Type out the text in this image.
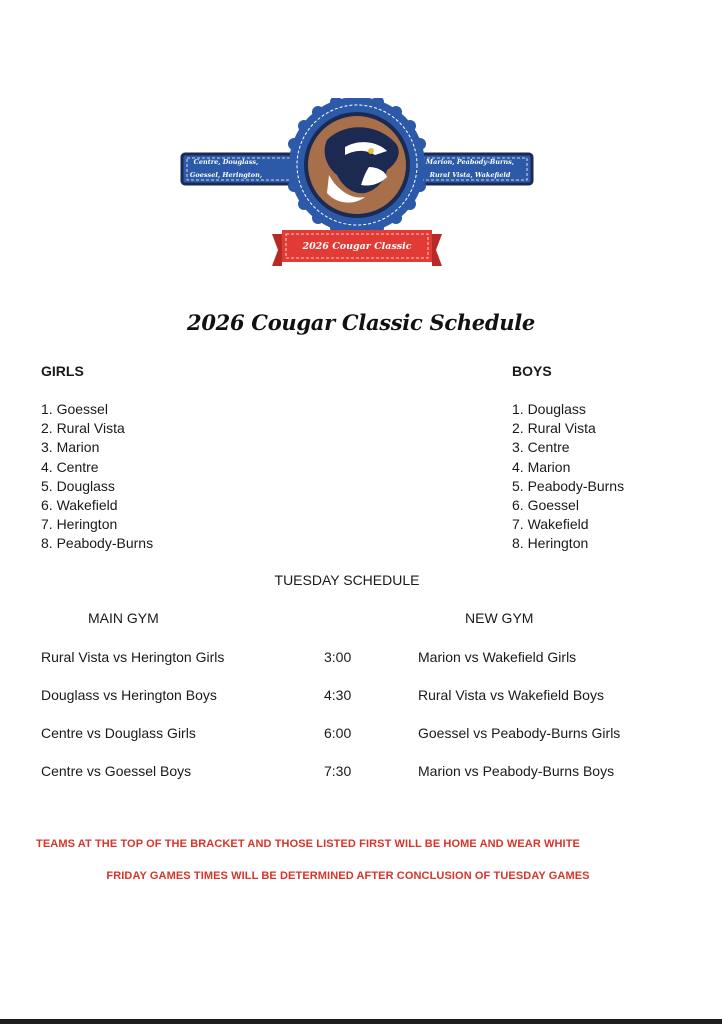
Centre, Douglass,
Goessel, Herington,
Marion, Peabody-Burns,
Rural Vista, Wakefield
2026 Cougar Classic
2026 Cougar Classic Schedule
GIRLS
1. Goessel
2. Rural Vista
3. Marion
4. Centre
5. Douglass
6. Wakefield
7. Herington
8. Peabody-Burns
BOYS
1. Douglass
2. Rural Vista
3. Centre
4. Marion
5. Peabody-Burns
6. Goessel
7. Wakefield
8. Herington
TUESDAY SCHEDULE
MAIN GYM	NEW GYM
Rural Vista vs Herington Girls	3:00	Marion vs Wakefield Girls
Douglass vs Herington Boys	4:30	Rural Vista vs Wakefield Boys
Centre vs Douglass Girls	6:00	Goessel vs Peabody-Burns Girls
Centre vs Goessel Boys	7:30	Marion vs Peabody-Burns Boys
TEAMS AT THE TOP OF THE BRACKET AND THOSE LISTED FIRST WILL BE HOME AND WEAR WHITE
FRIDAY GAMES TIMES WILL BE DETERMINED AFTER CONCLUSION OF TUESDAY GAMES
